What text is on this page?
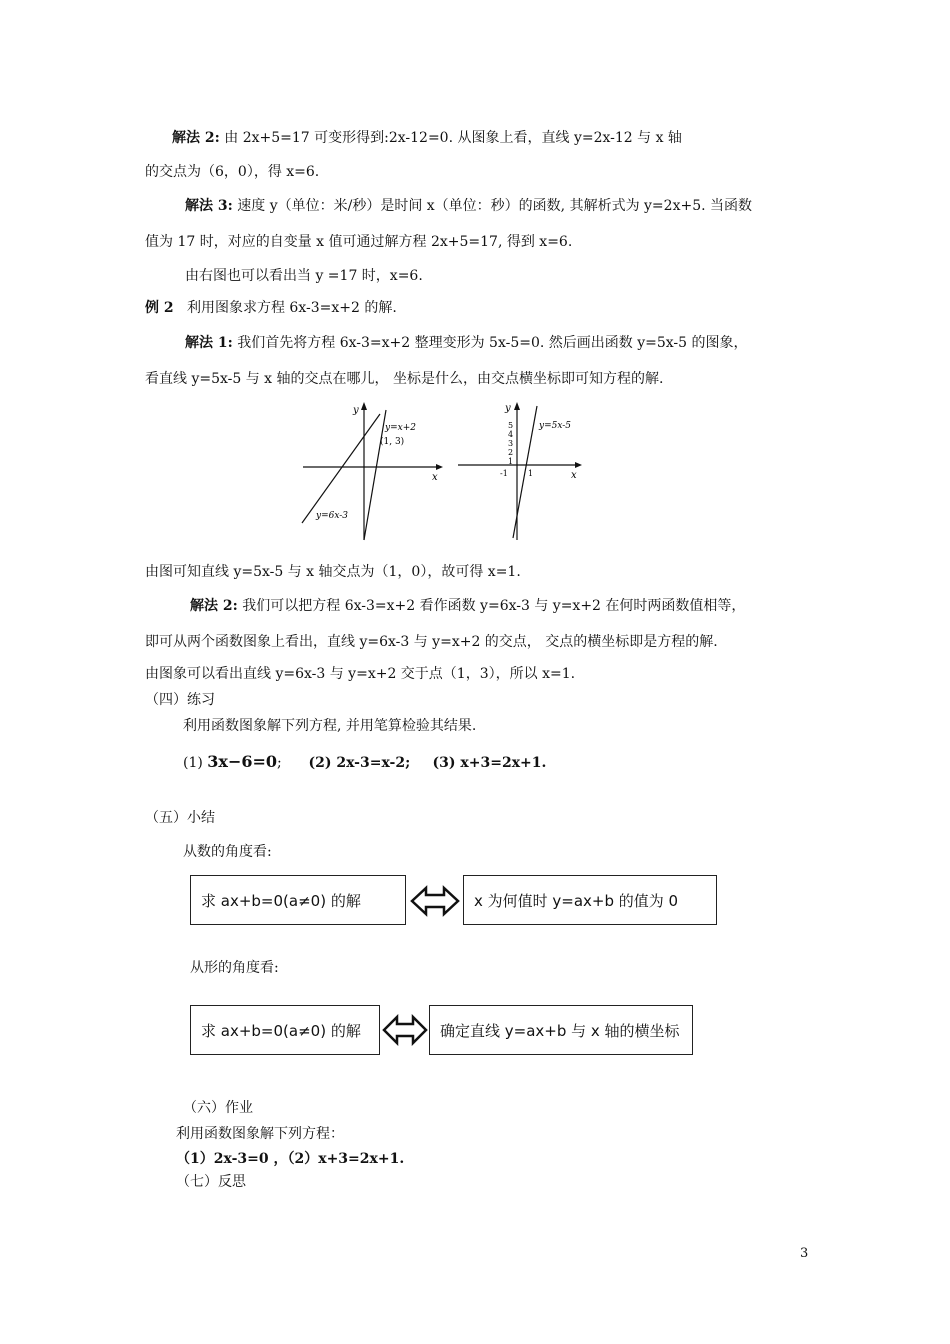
解法 2: 由 2x+5=17 可变形得到:2x-12=0. 从图象上看，直线 y=2x-12 与 x 轴
的交点为（6，0），得 x=6.
解法 3: 速度 y（单位：米/秒）是时间 x（单位：秒）的函数, 其解析式为 y=2x+5. 当函数
值为 17 时，对应的自变量 x 值可通过解方程 2x+5=17, 得到 x=6.
由右图也可以看出当 y =17 时，x=6.
例 2 利用图象求方程 6x-3=x+2 的解.
解法 1: 我们首先将方程 6x-3=x+2 整理变形为 5x-5=0. 然后画出函数 y=5x-5 的图象，
看直线 y=5x-5 与 x 轴的交点在哪儿， 坐标是什么，由交点横坐标即可知方程的解.
y
x
y=x+2
(1, 3)
y=6x-3
y
x
5
4
3
2
1
-1	1
y=5x-5
由图可知直线 y=5x-5 与 x 轴交点为（1，0），故可得 x=1.
解法 2: 我们可以把方程 6x-3=x+2 看作函数 y=6x-3 与 y=x+2 在何时两函数值相等，
即可从两个函数图象上看出，直线 y=6x-3 与 y=x+2 的交点， 交点的横坐标即是方程的解.
由图象可以看出直线 y=6x-3 与 y=x+2 交于点（1，3），所以 x=1.
（四）练习
利用函数图象解下列方程, 并用笔算检验其结果.
(1) 3x−6=0; (2) 2x-3=x-2; (3) x+3=2x+1.
（五）小结
从数的角度看:
求 ax+b=0(a≠0) 的解	x 为何值时 y=ax+b 的值为 0
从形的角度看:
求 ax+b=0(a≠0) 的解	确定直线 y=ax+b 与 x 轴的横坐标
（六）作业
利用函数图象解下列方程：
（1）2x-3=0 ，（2）x+3=2x+1.
（七）反思
3
